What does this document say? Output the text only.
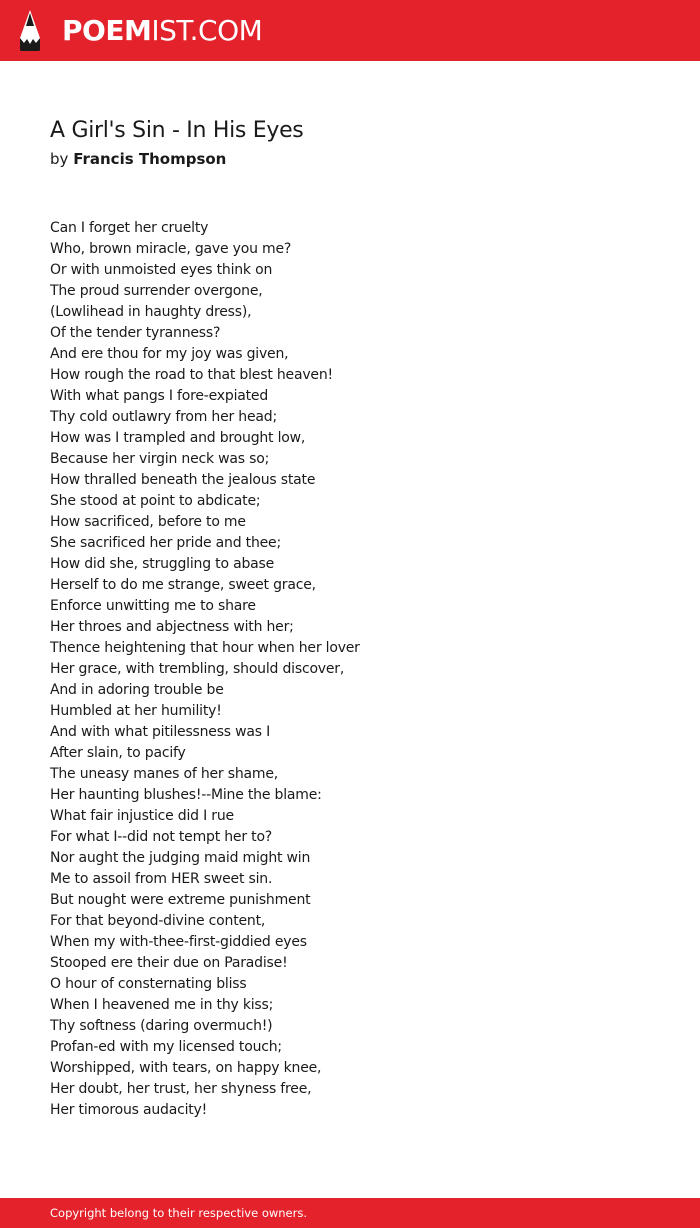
POEMIST.COM
A Girl's Sin - In His Eyes
by Francis Thompson
Can I forget her cruelty
Who, brown miracle, gave you me?
Or with unmoisted eyes think on
The proud surrender overgone,
(Lowlihead in haughty dress),
Of the tender tyranness?
And ere thou for my joy was given,
How rough the road to that blest heaven!
With what pangs I fore-expiated
Thy cold outlawry from her head;
How was I trampled and brought low,
Because her virgin neck was so;
How thralled beneath the jealous state
She stood at point to abdicate;
How sacrificed, before to me
She sacrificed her pride and thee;
How did she, struggling to abase
Herself to do me strange, sweet grace,
Enforce unwitting me to share
Her throes and abjectness with her;
Thence heightening that hour when her lover
Her grace, with trembling, should discover,
And in adoring trouble be
Humbled at her humility!
And with what pitilessness was I
After slain, to pacify
The uneasy manes of her shame,
Her haunting blushes!--Mine the blame:
What fair injustice did I rue
For what I--did not tempt her to?
Nor aught the judging maid might win
Me to assoil from HER sweet sin.
But nought were extreme punishment
For that beyond-divine content,
When my with-thee-first-giddied eyes
Stooped ere their due on Paradise!
O hour of consternating bliss
When I heavened me in thy kiss;
Thy softness (daring overmuch!)
Profan-ed with my licensed touch;
Worshipped, with tears, on happy knee,
Her doubt, her trust, her shyness free,
Her timorous audacity!
Copyright belong to their respective owners.
